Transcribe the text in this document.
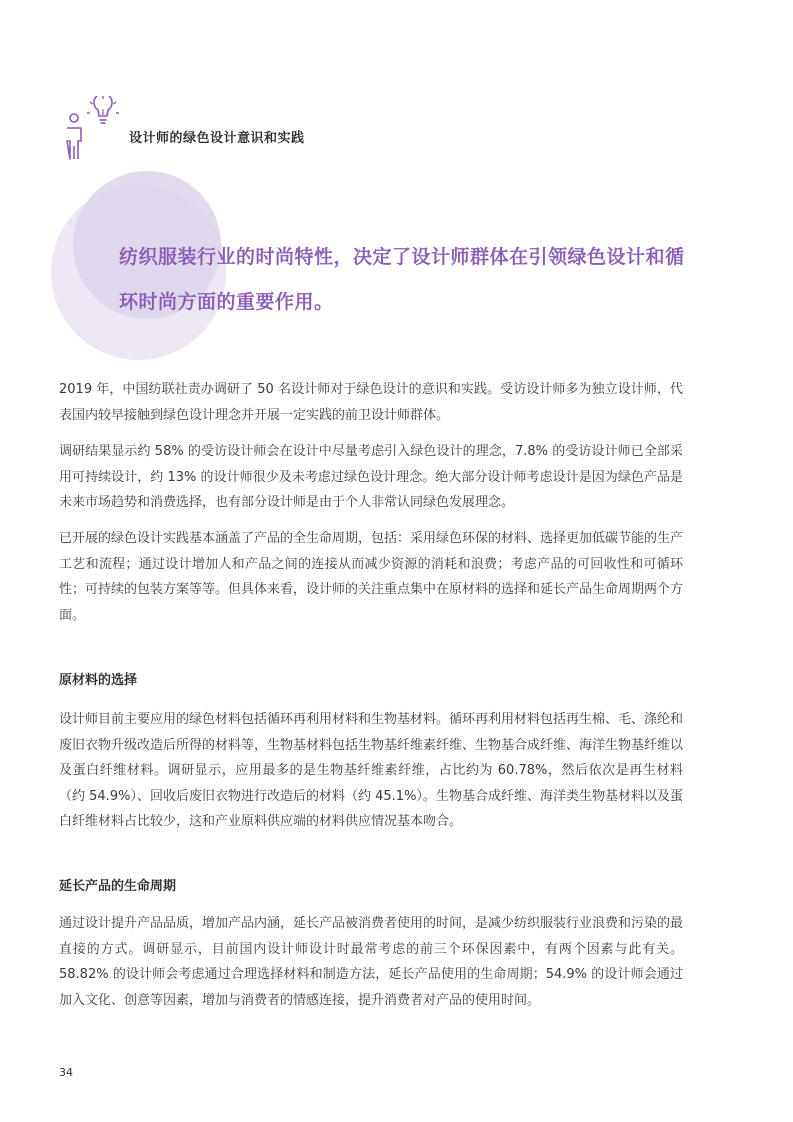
设计师的绿色设计意识和实践
纺织服装行业的时尚特性，决定了设计师群体在引领绿色设计和循
环时尚方面的重要作用。

2019 年，中国纺联社责办调研了 50 名设计师对于绿色设计的意识和实践。受访设计师多为独立设计师，代表国内较早接触到绿色设计理念并开展一定实践的前卫设计师群体。

调研结果显示约 58% 的受访设计师会在设计中尽量考虑引入绿色设计的理念，7.8% 的受访设计师已全部采用可持续设计，约 13% 的设计师很少及未考虑过绿色设计理念。绝大部分设计师考虑设计是因为绿色产品是未来市场趋势和消费选择，也有部分设计师是由于个人非常认同绿色发展理念。

已开展的绿色设计实践基本涵盖了产品的全生命周期，包括：采用绿色环保的材料、选择更加低碳节能的生产工艺和流程；通过设计增加人和产品之间的连接从而减少资源的消耗和浪费；考虑产品的可回收性和可循环性；可持续的包装方案等等。但具体来看，设计师的关注重点集中在原材料的选择和延长产品生命周期两个方面。

原材料的选择

设计师目前主要应用的绿色材料包括循环再利用材料和生物基材料。循环再利用材料包括再生棉、毛、涤纶和废旧衣物升级改造后所得的材料等，生物基材料包括生物基纤维素纤维、生物基合成纤维、海洋生物基纤维以及蛋白纤维材料。调研显示，应用最多的是生物基纤维素纤维，占比约为 60.78%，然后依次是再生材料（约 54.9%）、回收后废旧衣物进行改造后的材料（约 45.1%）。生物基合成纤维、海洋类生物基材料以及蛋白纤维材料占比较少，这和产业原料供应端的材料供应情况基本吻合。

延长产品的生命周期

通过设计提升产品品质，增加产品内涵，延长产品被消费者使用的时间，是减少纺织服装行业浪费和污染的最直接的方式。调研显示，目前国内设计师设计时最常考虑的前三个环保因素中，有两个因素与此有关。58.82% 的设计师会考虑通过合理选择材料和制造方法，延长产品使用的生命周期；54.9% 的设计师会通过加入文化、创意等因素，增加与消费者的情感连接，提升消费者对产品的使用时间。

34
